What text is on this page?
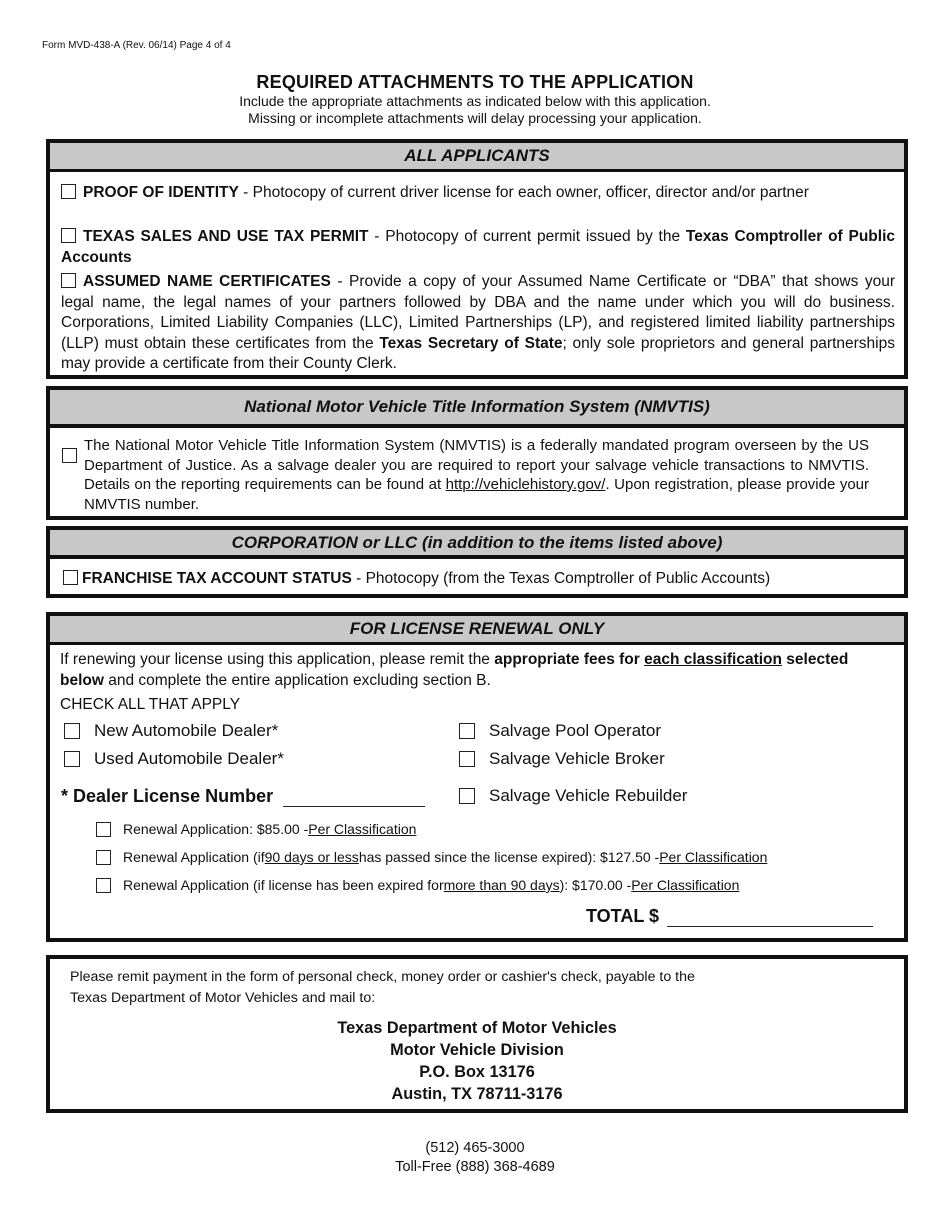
Form MVD-438-A (Rev. 06/14) Page 4 of 4
REQUIRED ATTACHMENTS TO THE APPLICATION
Include the appropriate attachments as indicated below with this application.
Missing or incomplete attachments will delay processing your application.
ALL APPLICANTS
PROOF OF IDENTITY - Photocopy of current driver license for each owner, officer, director and/or partner
TEXAS SALES AND USE TAX PERMIT - Photocopy of current permit issued by the Texas Comptroller of Public Accounts
ASSUMED NAME CERTIFICATES - Provide a copy of your Assumed Name Certificate or “DBA” that shows your legal name, the legal names of your partners followed by DBA and the name under which you will do business. Corporations, Limited Liability Companies (LLC), Limited Partnerships (LP), and registered limited liability partnerships (LLP) must obtain these certificates from the Texas Secretary of State; only sole proprietors and general partnerships may provide a certificate from their County Clerk.
National Motor Vehicle Title Information System (NMVTIS)
The National Motor Vehicle Title Information System (NMVTIS) is a federally mandated program overseen by the US Department of Justice. As a salvage dealer you are required to report your salvage vehicle transactions to NMVTIS. Details on the reporting requirements can be found at http://vehiclehistory.gov/. Upon registration, please provide your NMVTIS number.
CORPORATION or LLC (in addition to the items listed above)
FRANCHISE TAX ACCOUNT STATUS - Photocopy (from the Texas Comptroller of Public Accounts)
FOR LICENSE RENEWAL ONLY
If renewing your license using this application, please remit the appropriate fees for each classification selected below and complete the entire application excluding section B.
CHECK ALL THAT APPLY
New Automobile Dealer*
Used Automobile Dealer*
Salvage Pool Operator
Salvage Vehicle Broker
Salvage Vehicle Rebuilder
* Dealer License Number
Renewal Application: $85.00 - Per Classification
Renewal Application (if 90 days or less has passed since the license expired): $127.50 - Per Classification
Renewal Application (if license has been expired for more than 90 days ): $170.00 - Per Classification
TOTAL $
Please remit payment in the form of personal check, money order or cashier's check, payable to the
Texas Department of Motor Vehicles and mail to:
Texas Department of Motor Vehicles
Motor Vehicle Division
P.O. Box 13176
Austin, TX 78711-3176
(512) 465-3000
Toll-Free (888) 368-4689
